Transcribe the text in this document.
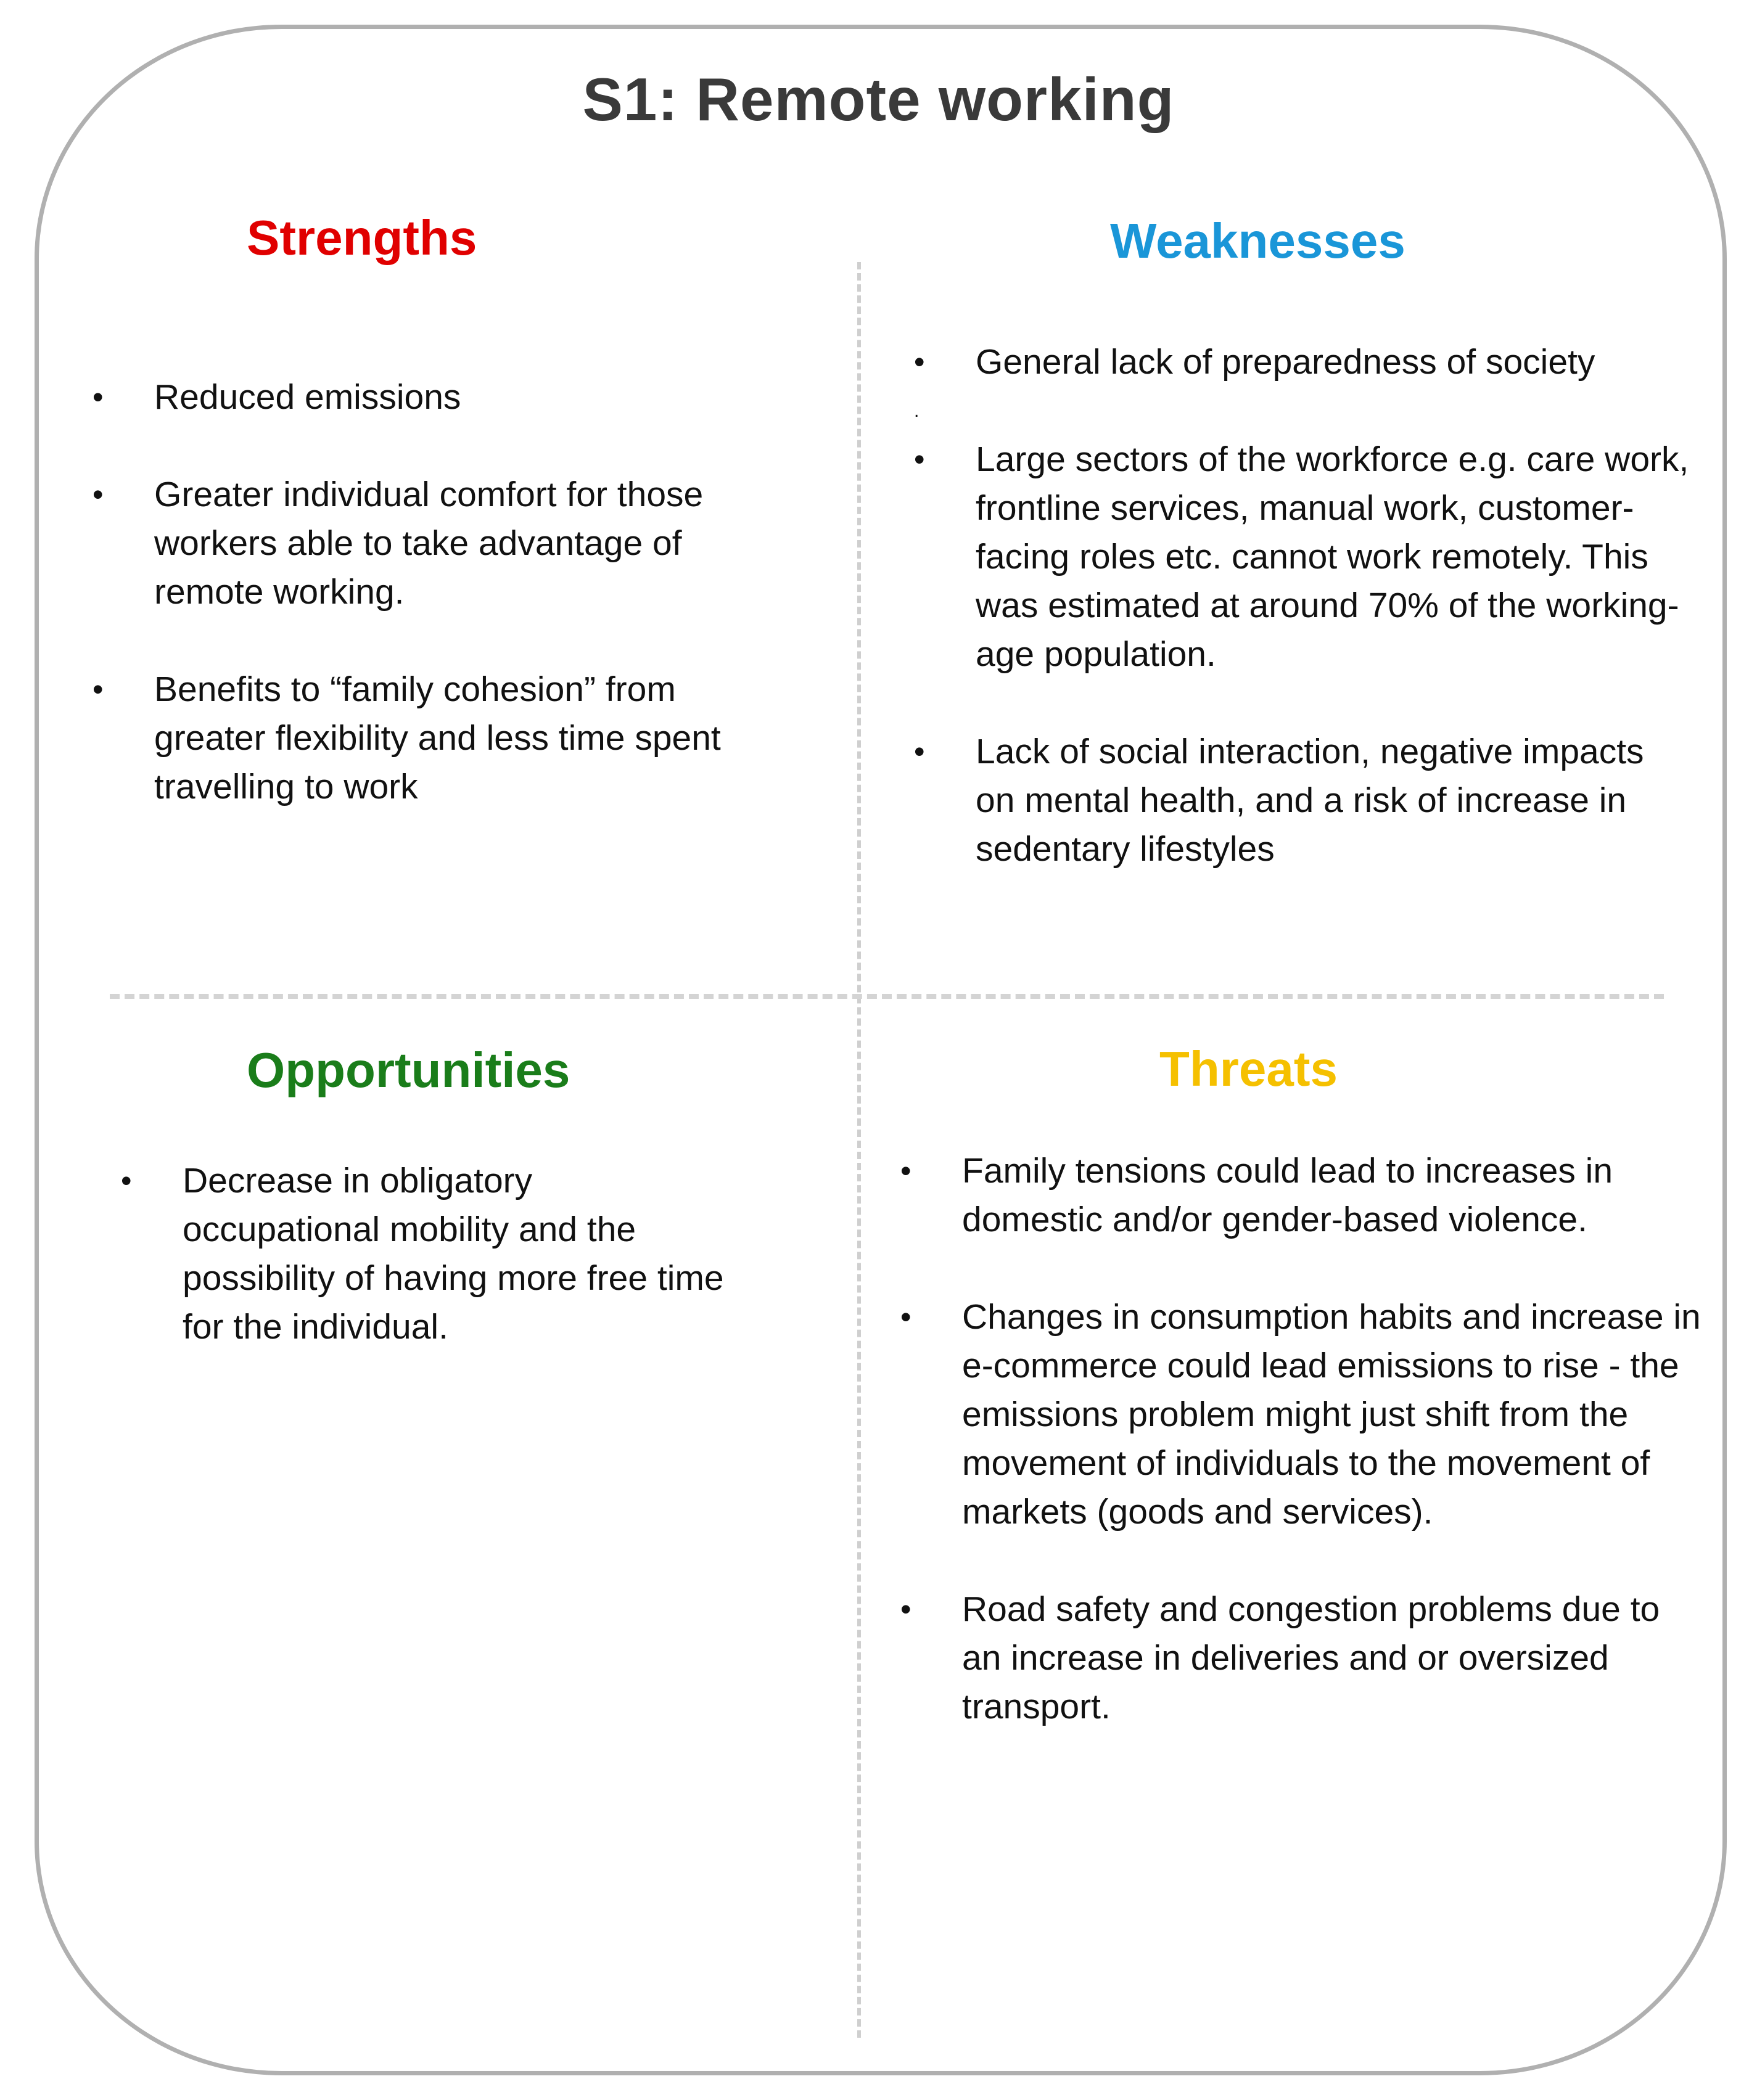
S1: Remote working
Strengths
•	Reduced emissions
•	Greater individual comfort for those workers able to take advantage of remote working.
•	Benefits to “family cohesion” from greater flexibility and less time spent travelling to work
Weaknesses
•	General lack of preparedness of society
.
•	Large sectors of the workforce e.g. care work, frontline services, manual work, customer-facing roles etc. cannot work remotely. This was estimated at around 70% of the working-age population.
•	Lack of social interaction, negative impacts on mental health, and a risk of increase in sedentary lifestyles
Opportunities
•	Decrease in obligatory occupational mobility and the possibility of having more free time for the individual.
Threats
•	Family tensions could lead to increases in domestic and/or gender-based violence.
•	Changes in consumption habits and increase in e-commerce could lead emissions to rise - the emissions problem might just shift from the movement of individuals to the movement of markets (goods and services).
•	Road safety and congestion problems due to an increase in deliveries and or oversized transport.
